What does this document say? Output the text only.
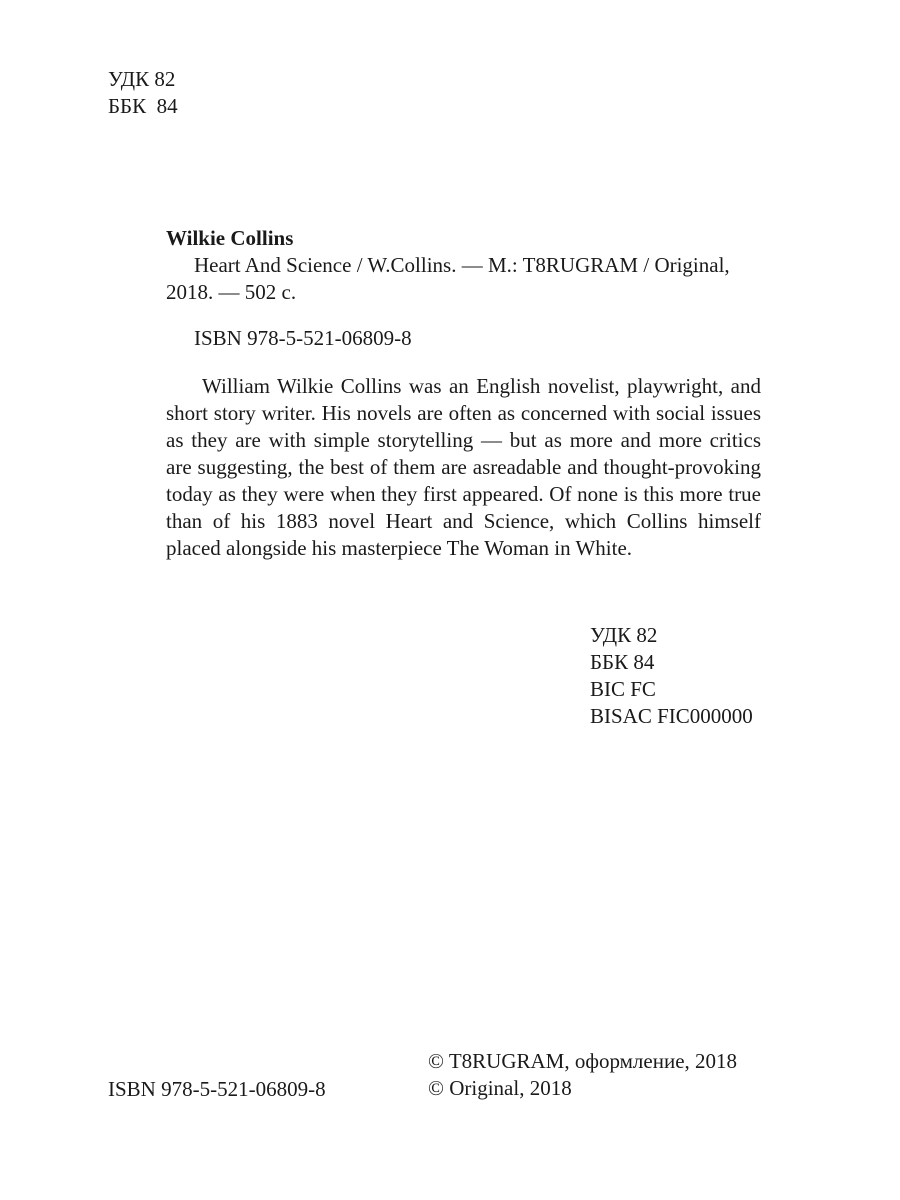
УДК 82
ББК  84
Wilkie Collins
Heart And Science / W.Collins. — M.: T8RUGRAM / Original, 2018. — 502 c.
ISBN 978-5-521-06809-8
William Wilkie Collins was an English novelist, playwright, and short story writer. His novels are often as concerned with social issues as they are with simple storytelling — but as more and more critics are suggesting, the best of them are asreadable and thought-provoking today as they were when they first appeared. Of none is this more true than of his 1883 novel Heart and Science, which Collins himself placed alongside his masterpiece The Woman in White.
УДК 82
ББК 84
BIC FC
BISAC FIC000000
ISBN 978-5-521-06809-8
© T8RUGRAM, оформление, 2018
© Original, 2018
